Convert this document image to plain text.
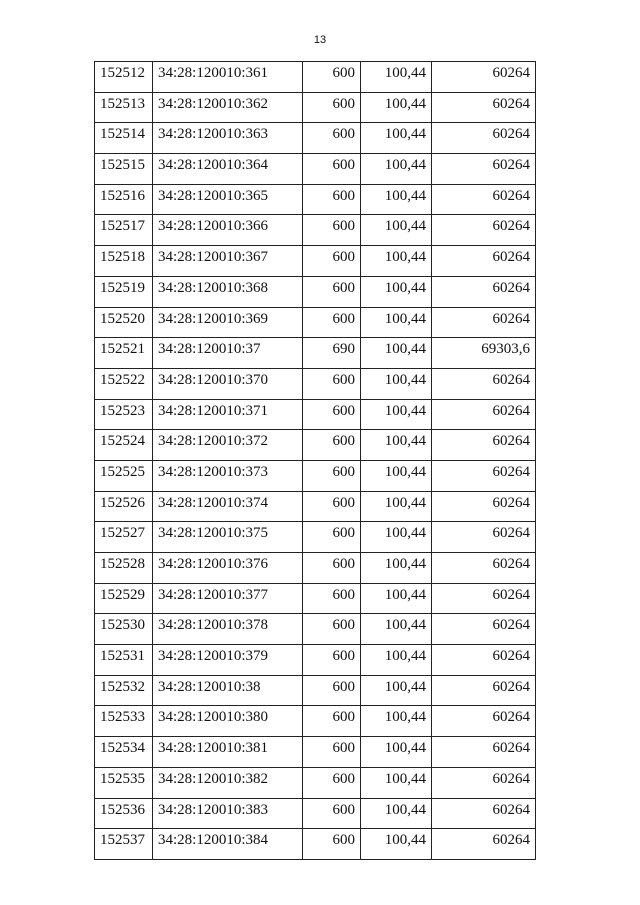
13
152512	34:28:120010:361	600	100,44	60264
152513	34:28:120010:362	600	100,44	60264
152514	34:28:120010:363	600	100,44	60264
152515	34:28:120010:364	600	100,44	60264
152516	34:28:120010:365	600	100,44	60264
152517	34:28:120010:366	600	100,44	60264
152518	34:28:120010:367	600	100,44	60264
152519	34:28:120010:368	600	100,44	60264
152520	34:28:120010:369	600	100,44	60264
152521	34:28:120010:37	690	100,44	69303,6
152522	34:28:120010:370	600	100,44	60264
152523	34:28:120010:371	600	100,44	60264
152524	34:28:120010:372	600	100,44	60264
152525	34:28:120010:373	600	100,44	60264
152526	34:28:120010:374	600	100,44	60264
152527	34:28:120010:375	600	100,44	60264
152528	34:28:120010:376	600	100,44	60264
152529	34:28:120010:377	600	100,44	60264
152530	34:28:120010:378	600	100,44	60264
152531	34:28:120010:379	600	100,44	60264
152532	34:28:120010:38	600	100,44	60264
152533	34:28:120010:380	600	100,44	60264
152534	34:28:120010:381	600	100,44	60264
152535	34:28:120010:382	600	100,44	60264
152536	34:28:120010:383	600	100,44	60264
152537	34:28:120010:384	600	100,44	60264
